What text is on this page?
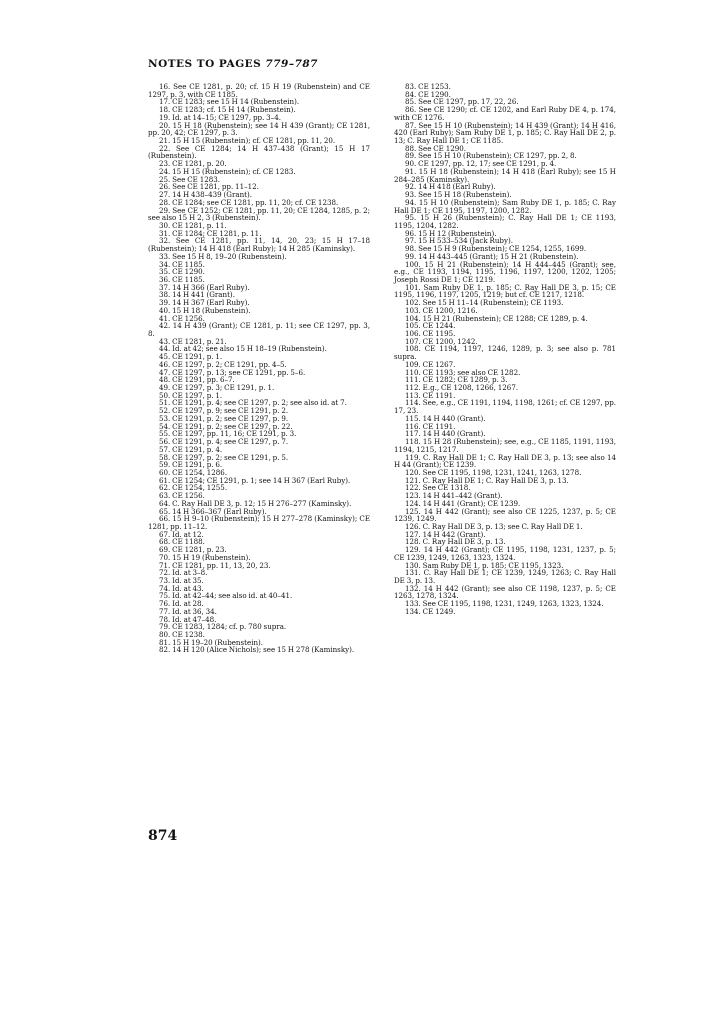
NOTES TO PAGES 779–787

16. See CE 1281, p. 20; cf. 15 H 19 (Rubenstein) and CE 1297, p. 3, with CE 1185.

17. CE 1283; see 15 H 14 (Rubenstein).

18. CE 1283; cf. 15 H 14 (Rubenstein).

19. Id. at 14–15; CE 1297, pp. 3–4.

20. 15 H 18 (Rubenstein); see 14 H 439 (Grant); CE 1281, pp. 20, 42; CE 1297, p. 3.

21. 15 H 15 (Rubenstein); cf. CE 1281, pp. 11, 20.

22. See CE 1284; 14 H 437–438 (Grant); 15 H 17 (Rubenstein).

23. CE 1281, p. 20.

24. 15 H 15 (Rubenstein); cf. CE 1283.

25. See CE 1283.

26. See CE 1281, pp. 11–12.

27. 14 H 438–439 (Grant).

28. CE 1284; see CE 1281, pp. 11, 20; cf. CE 1238.

29. See CE 1252; CE 1281, pp. 11, 20; CE 1284, 1285, p. 2; see also 15 H 2, 3 (Rubenstein).

30. CE 1281, p. 11.

31. CE 1284; CE 1281, p. 11.

32. See CE 1281, pp. 11, 14, 20, 23; 15 H 17–18 (Rubenstein); 14 H 418 (Earl Ruby); 14 H 285 (Kaminsky).

33. See 15 H 8, 19–20 (Rubenstein).

34. CE 1185.

35. CE 1290.

36. CE 1185.

37. 14 H 366 (Earl Ruby).

38. 14 H 441 (Grant).

39. 14 H 367 (Earl Ruby).

40. 15 H 18 (Rubenstein).

41. CE 1256.

42. 14 H 439 (Grant); CE 1281, p. 11; see CE 1297, pp. 3, 8.

43. CE 1281, p. 21.

44. Id. at 42; see also 15 H 18–19 (Rubenstein).

45. CE 1291, p. 1.

46. CE 1297, p. 2; CE 1291, pp. 4–5.

47. CE 1297, p. 13; see CE 1291, pp. 5–6.

48. CE 1291, pp. 6–7.

49. CE 1297, p. 3; CE 1291, p. 1.

50. CE 1297, p. 1.

51. CE 1291, p. 4; see CE 1297, p. 2; see also id. at 7.

52. CE 1297, p. 9; see CE 1291, p. 2.

53. CE 1291, p. 2; see CE 1297, p. 9.

54. CE 1291, p. 2; see CE 1297, p. 22.

55. CE 1297, pp. 11, 16; CE 1291, p. 3.

56. CE 1291, p. 4; see CE 1297, p. 7.

57. CE 1291, p. 4.

58. CE 1297, p. 2; see CE 1291, p. 5.

59. CE 1291, p. 6.

60. CE 1254, 1286.

61. CE 1254; CE 1291, p. 1; see 14 H 367 (Earl Ruby).

62. CE 1254, 1255.

63. CE 1256.

64. C. Ray Hall DE 3, p. 12; 15 H 276–277 (Kaminsky).

65. 14 H 366–367 (Earl Ruby).

66. 15 H 9–10 (Rubenstein); 15 H 277–278 (Kaminsky); CE 1281, pp. 11–12.

67. Id. at 12.

68. CE 1188.

69. CE 1281, p. 23.

70. 15 H 19 (Rubenstein).

71. CE 1281, pp. 11, 13, 20, 23.

72. Id. at 3–8.

73. Id. at 35.

74. Id. at 43.

75. Id. at 42–44; see also id. at 40–41.

76. Id. at 28.

77. Id. at 36, 34.

78. Id. at 47–48.

79. CE 1283, 1284; cf. p. 780 supra.

80. CE 1238.

81. 15 H 19–20 (Rubenstein).

82. 14 H 120 (Alice Nichols); see 15 H 278 (Kaminsky).

83. CE 1253.

84. CE 1290.

85. See CE 1297, pp. 17, 22, 26.

86. See CE 1290; cf. CE 1202, and Earl Ruby DE 4, p. 174, with CE 1276.

87. See 15 H 10 (Rubenstein); 14 H 439 (Grant); 14 H 416, 420 (Earl Ruby); Sam Ruby DE 1, p. 185; C. Ray Hall DE 2, p. 13; C. Ray Hall DE 1; CE 1185.

88. See CE 1290.

89. See 15 H 10 (Rubenstein); CE 1297, pp. 2, 8.

90. CE 1297, pp. 12, 17; see CE 1291, p. 4.

91. 15 H 18 (Rubenstein); 14 H 418 (Earl Ruby); see 15 H 284–285 (Kaminsky).

92. 14 H 418 (Earl Ruby).

93. See 15 H 18 (Rubenstein).

94. 15 H 10 (Rubenstein); Sam Ruby DE 1, p. 185; C. Ray Hall DE 1; CE 1195, 1197, 1200, 1282.

95. 15 H 26 (Rubenstein); C. Ray Hall DE 1; CE 1193, 1195, 1204, 1282.

96. 15 H 12 (Rubenstein).

97. 15 H 533–534 (Jack Ruby).

98. See 15 H 9 (Rubenstein); CE 1254, 1255, 1699.

99. 14 H 443–445 (Grant); 15 H 21 (Rubenstein).

100. 15 H 21 (Rubenstein); 14 H 444–445 (Grant); see, e.g., CE 1193, 1194, 1195, 1196, 1197, 1200, 1202, 1205; Joseph Rossi DE 1; CE 1219.

101. Sam Ruby DE 1, p. 185; C. Ray Hall DE 3, p. 15; CE 1195, 1196, 1197, 1205, 1219; but cf. CE 1217, 1218.

102. See 15 H 11–14 (Rubenstein); CE 1193.

103. CE 1200, 1216.

104. 15 H 21 (Rubenstein); CE 1288; CE 1289, p. 4.

105. CE 1244.

106. CE 1195.

107. CE 1200, 1242.

108. CE 1194, 1197, 1246, 1289, p. 3; see also p. 781 supra.

109. CE 1267.

110. CE 1193; see also CE 1282.

111. CE 1282; CE 1289, p. 3.

112. E.g., CE 1208, 1266, 1267.

113. CE 1191.

114. See, e.g., CE 1191, 1194, 1198, 1261; cf. CE 1297, pp. 17, 23.

115. 14 H 440 (Grant).

116. CE 1191.

117. 14 H 440 (Grant).

118. 15 H 28 (Rubenstein); see, e.g., CE 1185, 1191, 1193, 1194, 1215, 1217.

119. C. Ray Hall DE 1; C. Ray Hall DE 3, p. 13; see also 14 H 44 (Grant); CE 1239.

120. See CE 1195, 1198, 1231, 1241, 1263, 1278.

121. C. Ray Hall DE 1; C. Ray Hall DE 3, p. 13.

122. See CE 1318.

123. 14 H 441–442 (Grant).

124. 14 H 441 (Grant); CE 1239.

125. 14 H 442 (Grant); see also CE 1225, 1237, p. 5; CE 1239, 1249.

126. C. Ray Hall DE 3, p. 13; see C. Ray Hall DE 1.

127. 14 H 442 (Grant).

128. C. Ray Hall DE 3, p. 13.

129. 14 H 442 (Grant); CE 1195, 1198, 1231, 1237, p. 5; CE 1239, 1249, 1263, 1323, 1324.

130. Sam Ruby DE 1, p. 185; CE 1195, 1323.

131. C. Ray Hall DE 1; CE 1239, 1249, 1263; C. Ray Hall DE 3, p. 13.

132. 14 H 442 (Grant); see also CE 1198, 1237, p. 5; CE 1263, 1278, 1324.

133. See CE 1195, 1198, 1231, 1249, 1263, 1323, 1324.

134. CE 1249.

874
